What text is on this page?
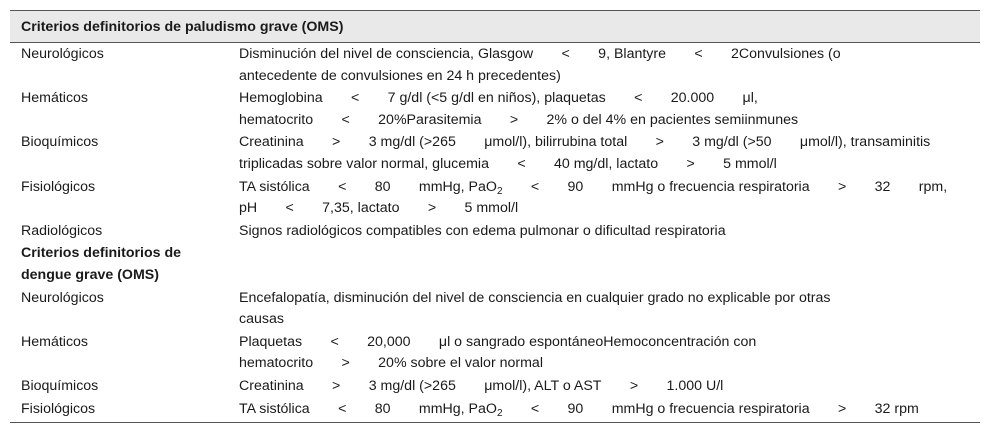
Criterios definitorios de paludismo grave (OMS)
Neurológicos	Disminución del nivel de consciencia, Glasgow  <  9, Blantyre  <  2Convulsiones (o
antecedente de convulsiones en 24 h precedentes)

Hemáticos	Hemoglobina  <  7 g/dl (<5 g/dl en niños), plaquetas  <  20.000  μl,
hematocrito  <  20%Parasitemia  >  2% o del 4% en pacientes semiinmunes

Bioquímicos	Creatinina  >  3 mg/dl (>265  μmol/l), bilirrubina total  >  3 mg/dl (>50  μmol/l), transaminitis
triplicadas sobre valor normal, glucemia  <  40 mg/dl, lactato  >  5 mmol/l

Fisiológicos	TA sistólica  <  80  mmHg, PaO$_2$  <  90  mmHg o frecuencia respiratoria  >  32  rpm,
pH  <  7,35, lactato  >  5 mmol/l

Radiológicos	Signos radiológicos compatibles con edema pulmonar o dificultad respiratoria

Criterios definitorios de
dengue grave (OMS)	

Neurológicos	Encefalopatía, disminución del nivel de consciencia en cualquier grado no explicable por otras
causas

Hemáticos	Plaquetas  <  20,000  μl o sangrado espontáneoHemoconcentración con
hematocrito  >  20% sobre el valor normal

Bioquímicos	Creatinina  >  3 mg/dl (>265  μmol/l), ALT o AST  >  1.000 U/l

Fisiológicos	TA sistólica  <  80  mmHg, PaO$_2$  <  90  mmHg o frecuencia respiratoria  >  32 rpm
